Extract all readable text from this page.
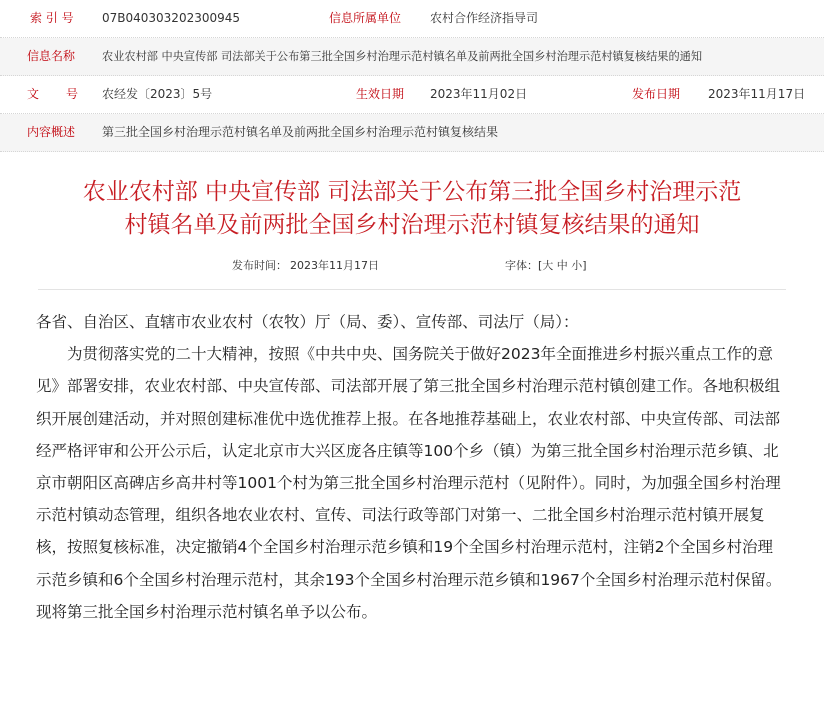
索 引 号 07B040303202300945	信息所属单位 农村合作经济指导司
信息名称 农业农村部 中央宣传部 司法部关于公布第三批全国乡村治理示范村镇名单及前两批全国乡村治理示范村镇复核结果的通知
文　　号 农经发〔2023〕5号	生效日期 2023年11月02日	发布日期 2023年11月17日
内容概述 第三批全国乡村治理示范村镇名单及前两批全国乡村治理示范村镇复核结果
农业农村部 中央宣传部 司法部关于公布第三批全国乡村治理示范
村镇名单及前两批全国乡村治理示范村镇复核结果的通知
发布时间： 2023年11月17日	字体：[大 中 小]

各省、自治区、直辖市农业农村（农牧）厅（局、委）、宣传部、司法厅（局）：

为贯彻落实党的二十大精神，按照《中共中央、国务院关于做好2023年全面推进乡村振兴重点工作的意见》部署安排，农业农村部、中央宣传部、司法部开展了第三批全国乡村治理示范村镇创建工作。各地积极组织开展创建活动，并对照创建标准优中选优推荐上报。在各地推荐基础上，农业农村部、中央宣传部、司法部经严格评审和公开公示后，认定北京市大兴区庞各庄镇等100个乡（镇）为第三批全国乡村治理示范乡镇、北京市朝阳区高碑店乡高井村等1001个村为第三批全国乡村治理示范村（见附件）。同时，为加强全国乡村治理示范村镇动态管理，组织各地农业农村、宣传、司法行政等部门对第一、二批全国乡村治理示范村镇开展复核，按照复核标准，决定撤销4个全国乡村治理示范乡镇和19个全国乡村治理示范村，注销2个全国乡村治理示范乡镇和6个全国乡村治理示范村，其余193个全国乡村治理示范乡镇和1967个全国乡村治理示范村保留。现将第三批全国乡村治理示范村镇名单予以公布。
